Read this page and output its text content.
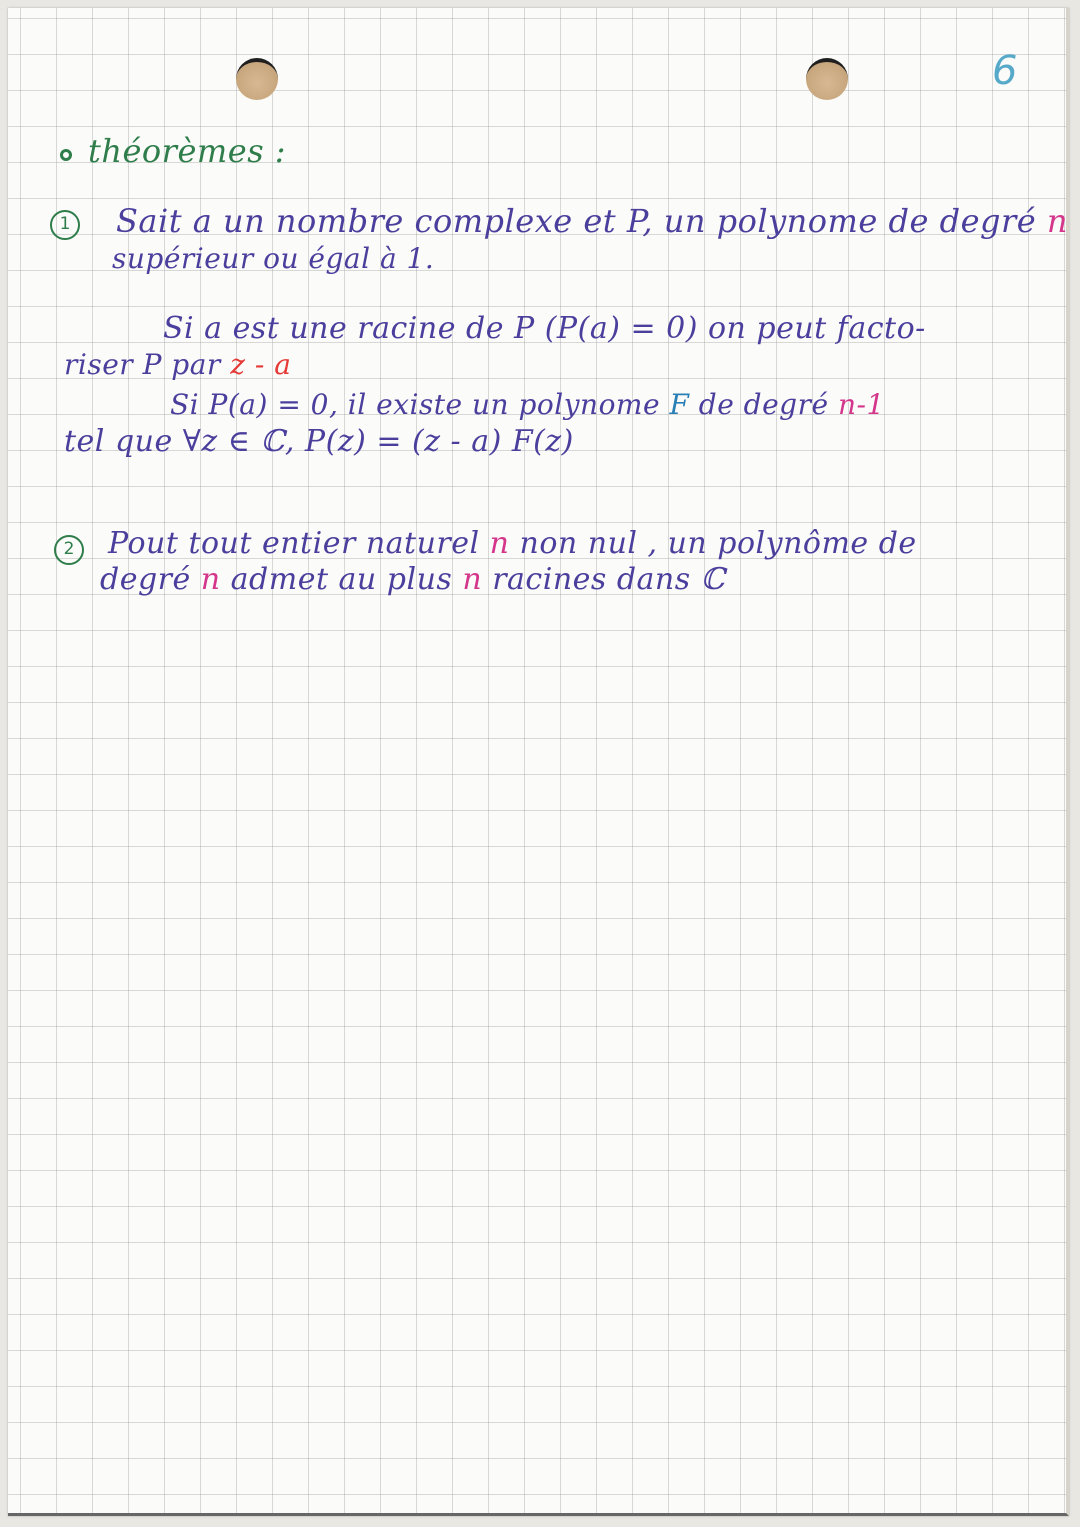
6
théorèmes :
1 Sait a un nombre complexe et P, un polynome de degré n
supérieur ou égal à 1.
Si a est une racine de P (P(a) = 0) on peut facto-
riser P par z - a
Si P(a) = 0, il existe un polynome F de degré n-1
tel que ∀z ∈ ℂ, P(z) = (z - a) F(z)
2	Pout tout entier naturel n non nul , un polynôme de
degré n admet au plus n racines dans ℂ
